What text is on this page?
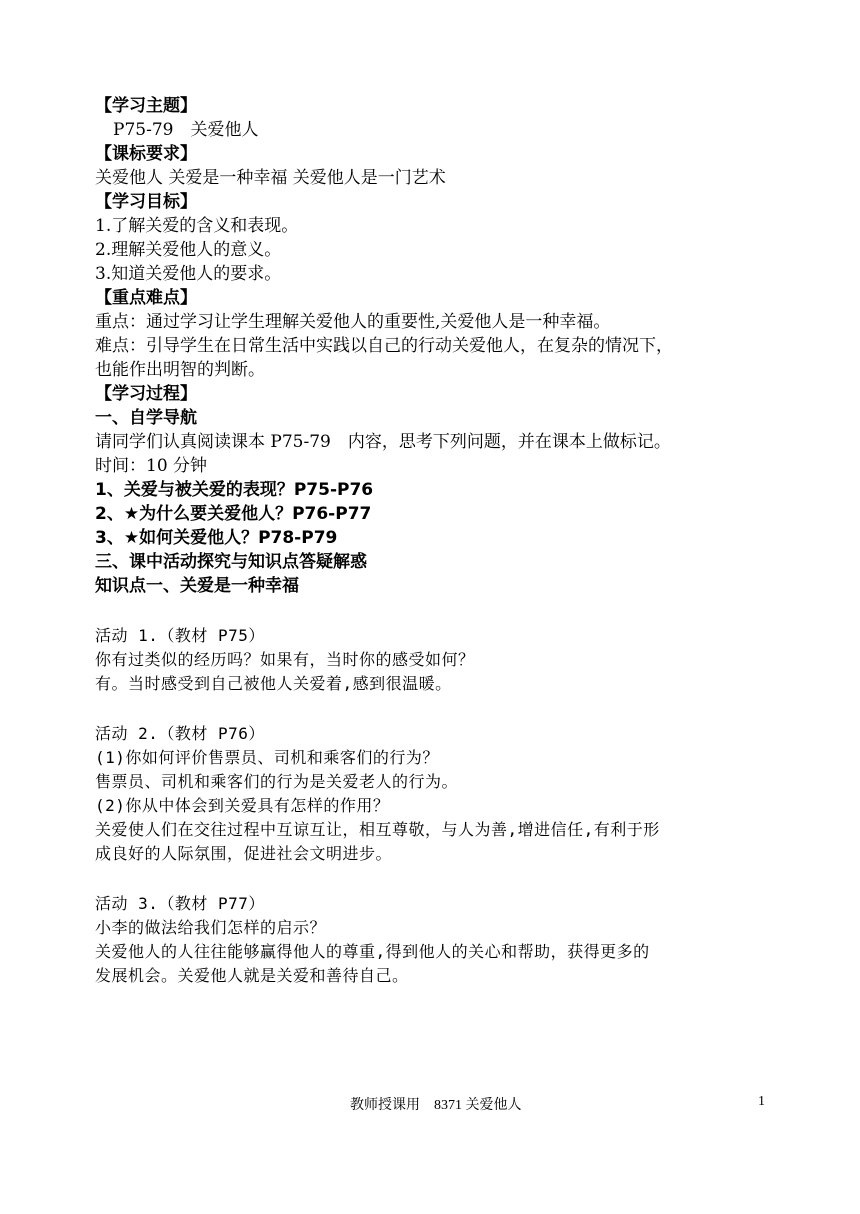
【学习主题】
P75-79　关爱他人
【课标要求】
关爱他人 关爱是一种幸福 关爱他人是一门艺术
【学习目标】
1.了解关爱的含义和表现。
2.理解关爱他人的意义。
3.知道关爱他人的要求。
【重点难点】
重点：通过学习让学生理解关爱他人的重要性,关爱他人是一种幸福。
难点：引导学生在日常生活中实践以自己的行动关爱他人，在复杂的情况下，
也能作出明智的判断。
【学习过程】
一、自学导航
请同学们认真阅读课本 P75-79　内容，思考下列问题，并在课本上做标记。
时间：10 分钟
1、关爱与被关爱的表现？P75-P76
2、★为什么要关爱他人？P76-P77
3、★如何关爱他人？P78-P79
三、课中活动探究与知识点答疑解惑
知识点一、关爱是一种幸福
活动 1.（教材 P75）
你有过类似的经历吗？如果有，当时你的感受如何？
有。当时感受到自己被他人关爱着,感到很温暖。
活动 2.（教材 P76）
(1)你如何评价售票员、司机和乘客们的行为？
售票员、司机和乘客们的行为是关爱老人的行为。
(2)你从中体会到关爱具有怎样的作用？
关爱使人们在交往过程中互谅互让，相互尊敬，与人为善,增进信任,有利于形
成良好的人际氛围，促进社会文明进步。
活动 3.（教材 P77）
小李的做法给我们怎样的启示？
关爱他人的人往往能够赢得他人的尊重,得到他人的关心和帮助，获得更多的
发展机会。关爱他人就是关爱和善待自己。
教师授课用　8371 关爱他人	1
